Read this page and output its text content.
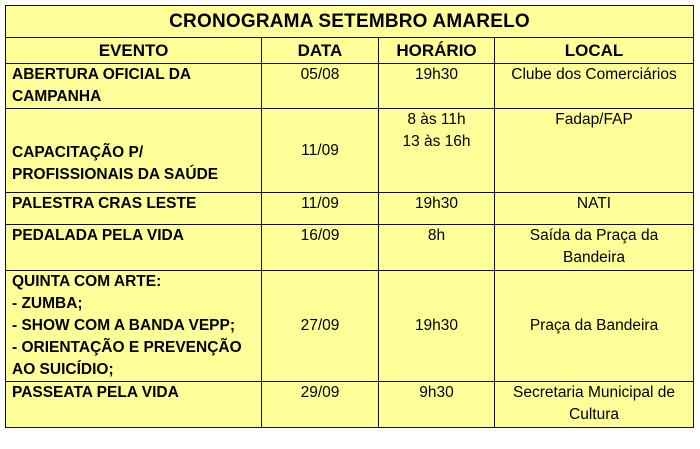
CRONOGRAMA SETEMBRO AMARELO			
EVENTO	DATA	HORÁRIO	LOCAL

ABERTURA OFICIAL DA
CAMPANHA	05/08	19h30	Clube dos Comerciários

CAPACITAÇÃO P/
PROFISSIONAIS DA SAÚDE	11/09	8 às 11h
13 às 16h	Fadap/FAP

PALESTRA CRAS LESTE	11/09	19h30	NATI

PEDALADA PELA VIDA	16/09	8h	Saída da Praça da
Bandeira

QUINTA COM ARTE:
- ZUMBA;
- SHOW COM A BANDA VEPP;
- ORIENTAÇÃO E PREVENÇÃO
AO SUICÍDIO;	27/09	19h30	Praça da Bandeira

PASSEATA PELA VIDA	29/09	9h30	Secretaria Municipal de
Cultura
